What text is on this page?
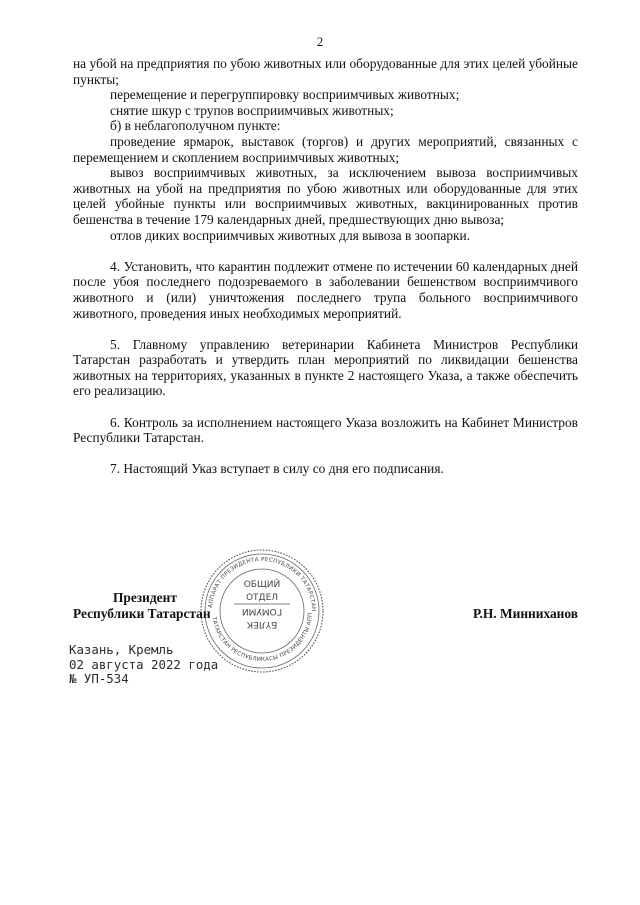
2

на убой на предприятия по убою животных или оборудованные для этих целей убойные пункты;

перемещение и перегруппировку восприимчивых животных;

снятие шкур с трупов восприимчивых животных;

б) в неблагополучном пункте:

проведение ярмарок, выставок (торгов) и других мероприятий, связанных с перемещением и скоплением восприимчивых животных;

вывоз восприимчивых животных, за исключением вывоза восприимчивых животных на убой на предприятия по убою животных или оборудованные для этих целей убойные пункты или восприимчивых животных, вакцинированных против бешенства в течение 179 календарных дней, предшествующих дню вывоза;

отлов диких восприимчивых животных для вывоза в зоопарки.

4. Установить, что карантин подлежит отмене по истечении 60 календарных дней после убоя последнего подозреваемого в заболевании бешенством восприимчивого животного и (или) уничтожения последнего трупа больного восприимчивого животного, проведения иных необходимых мероприятий.

5. Главному управлению ветеринарии Кабинета Министров Республики Татарстан разработать и утвердить план мероприятий по ликвидации бешенства животных на территориях, указанных в пункте 2 настоящего Указа, а также обеспечить его реализацию.

6. Контроль за исполнением настоящего Указа возложить на Кабинет Министров Республики Татарстан.

7. Настоящий Указ вступает в силу со дня его подписания.

АППАРАТ ПРЕЗИДЕНТА РЕСПУБЛИКИ ТАТАРСТАН
ТАТАРСТАН РЕСПУБЛИКАСЫ ПРЕЗИДЕНТЫ АПП
ОБЩИЙ
ОТДЕЛ
БҮЛЕК
ГОМУМИ
Президент
Республики Татарстан	Р.Н. Минниханов
Казань, Кремль
02 августа 2022 года
№ УП-534
